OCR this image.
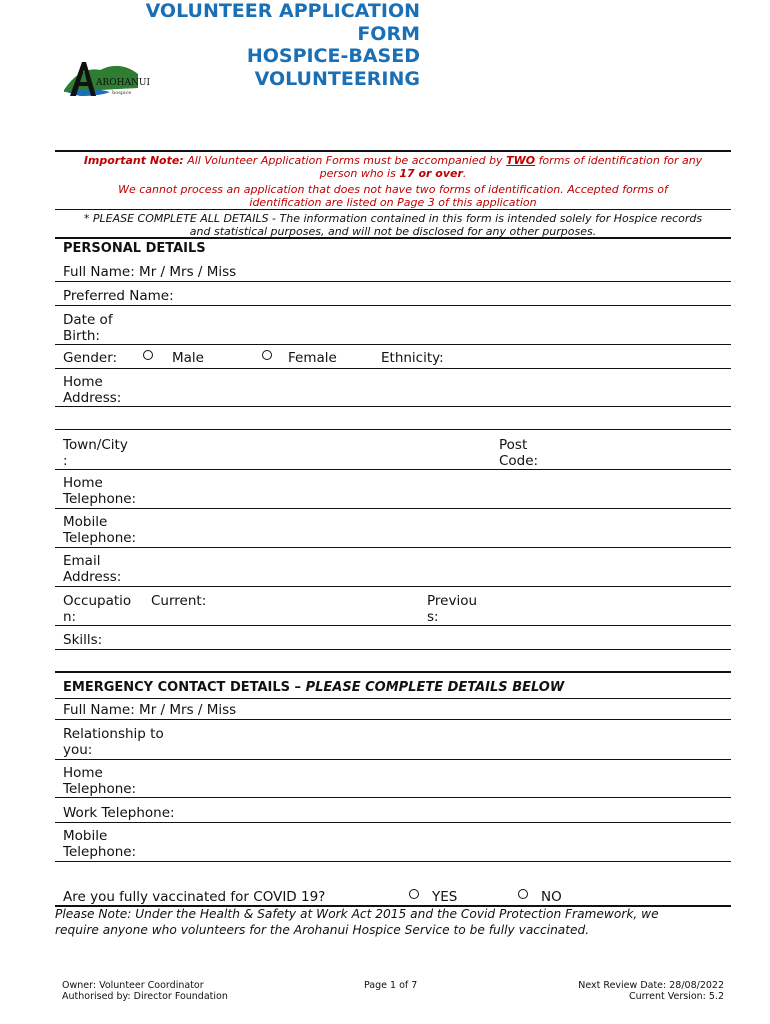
AROHANUI
hospice
VOLUNTEER APPLICATION
FORM
HOSPICE-BASED
VOLUNTEERING
Important Note: All Volunteer Application Forms must be accompanied by TWO forms of identification for any
person who is 17 or over.
We cannot process an application that does not have two forms of identification. Accepted forms of
identification are listed on Page 3 of this application
* PLEASE COMPLETE ALL DETAILS - The information contained in this form is intended solely for Hospice records
and statistical purposes, and will not be disclosed for any other purposes.
PERSONAL DETAILS
Full Name: Mr / Mrs / Miss
Preferred Name:
Date of
Birth:
Gender:	Male	Female	Ethnicity:
Home
Address:
Town/City
:
Post
Code:
Home
Telephone:
Mobile
Telephone:
Email
Address:
Occupatio
n:
Current:	Previou
s:
Skills:
EMERGENCY CONTACT DETAILS – PLEASE COMPLETE DETAILS BELOW
Full Name: Mr / Mrs / Miss
Relationship to
you:
Home
Telephone:
Work Telephone:
Mobile
Telephone:
Are you fully vaccinated for COVID 19?	YES	NO
Please Note: Under the Health & Safety at Work Act 2015 and the Covid Protection Framework, we
require anyone who volunteers for the Arohanui Hospice Service to be fully vaccinated.
Owner: Volunteer Coordinator
Authorised by: Director Foundation
Page 1 of 7	Next Review Date: 28/08/2022
Current Version: 5.2
